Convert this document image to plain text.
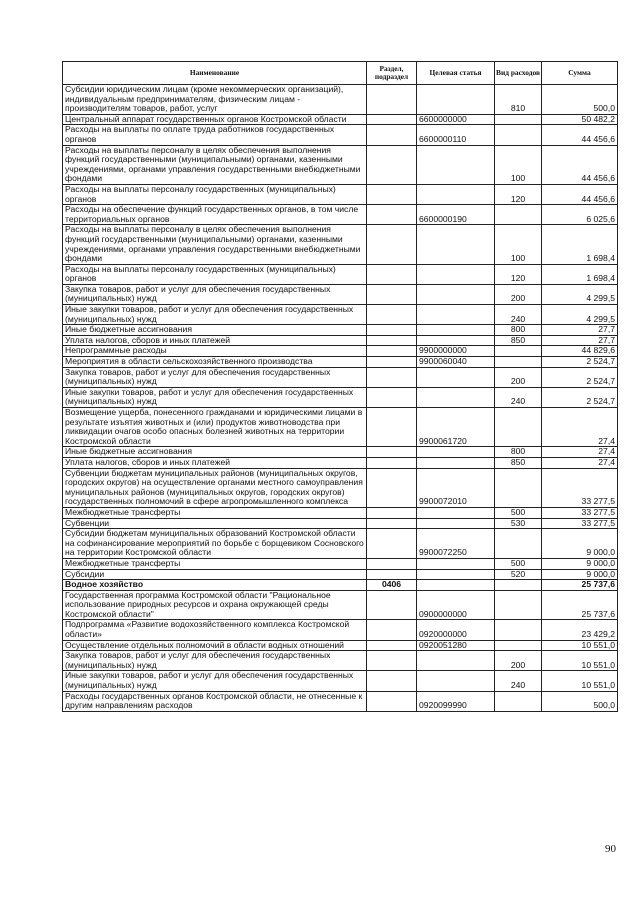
Наименование	Раздел, подраздел	Целевая статья	Вид расходов	Сумма
Субсидии юридическим лицам (кроме некоммерческих организаций), индивидуальным предпринимателям, физическим лицам - производителям товаров, работ, услуг			810	500,0
Центральный аппарат государственных органов Костромской области		6600000000		50 482,2
Расходы на выплаты по оплате труда работников государственных органов		6600000110		44 456,6
Расходы на выплаты персоналу в целях обеспечения выполнения функций государственными (муниципальными) органами, казенными учреждениями, органами управления государственными внебюджетными фондами			100	44 456,6
Расходы на выплаты персоналу государственных (муниципальных) органов			120	44 456,6
Расходы на обеспечение функций государственных органов, в том числе территориальных органов		6600000190		6 025,6
Расходы на выплаты персоналу в целях обеспечения выполнения функций государственными (муниципальными) органами, казенными учреждениями, органами управления государственными внебюджетными фондами			100	1 698,4
Расходы на выплаты персоналу государственных (муниципальных) органов			120	1 698,4
Закупка товаров, работ и услуг для обеспечения государственных (муниципальных) нужд			200	4 299,5
Иные закупки товаров, работ и услуг для обеспечения государственных (муниципальных) нужд			240	4 299,5
Иные бюджетные ассигнования			800	27,7
Уплата налогов, сборов и иных платежей			850	27,7
Непрограммные расходы		9900000000		44 829,6
Мероприятия в области сельскохозяйственного производства		9900060040		2 524,7
Закупка товаров, работ и услуг для обеспечения государственных (муниципальных) нужд			200	2 524,7
Иные закупки товаров, работ и услуг для обеспечения государственных (муниципальных) нужд			240	2 524,7
Возмещение ущерба, понесенного гражданами и юридическими лицами в результате изъятия животных и (или) продуктов животноводства при ликвидации очагов особо опасных болезней животных на территории Костромской области		9900061720		27,4
Иные бюджетные ассигнования			800	27,4
Уплата налогов, сборов и иных платежей			850	27,4
Субвенции бюджетам муниципальных районов (муниципальных округов, городских округов) на осуществление органами местного самоуправления муниципальных районов (муниципальных округов, городских округов) государственных полномочий в сфере агропромышленного комплекса		9900072010		33 277,5
Межбюджетные трансферты			500	33 277,5
Субвенции			530	33 277,5
Субсидии бюджетам муниципальных образований Костромской области на софинансирование мероприятий по борьбе с борщевиком Сосновского на территории Костромской области		9900072250		9 000,0
Межбюджетные трансферты			500	9 000,0
Субсидии			520	9 000,0
Водное хозяйство	0406			25 737,6
Государственная программа Костромской области "Рациональное использование природных ресурсов и охрана окружающей среды Костромской области"		0900000000		25 737,6
Подпрограмма «Развитие водохозяйственного комплекса Костромской области»		0920000000		23 429,2
Осуществление отдельных полномочий в области водных отношений		0920051280		10 551,0
Закупка товаров, работ и услуг для обеспечения государственных (муниципальных) нужд			200	10 551,0
Иные закупки товаров, работ и услуг для обеспечения государственных (муниципальных) нужд			240	10 551,0
Расходы государственных органов Костромской области, не отнесенные к другим направлениям расходов		0920099990		500,0
90
